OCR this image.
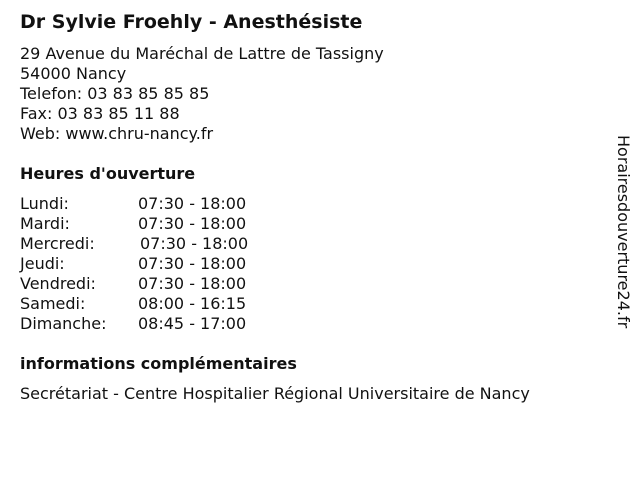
Dr Sylvie Froehly - Anesthésiste
29 Avenue du Maréchal de Lattre de Tassigny
54000 Nancy
Telefon: 03 83 85 85 85
Fax: 03 83 85 11 88
Web: www.chru-nancy.fr
Heures d'ouverture
Lundi:	07:30 - 18:00
Mardi:	07:30 - 18:00
Mercredi:	07:30 - 18:00
Jeudi:	07:30 - 18:00
Vendredi:	07:30 - 18:00
Samedi:	08:00 - 16:15
Dimanche: 08:45 - 17:00
informations complémentaires
Secrétariat - Centre Hospitalier Régional Universitaire de Nancy
Horairesdouverture24.fr
